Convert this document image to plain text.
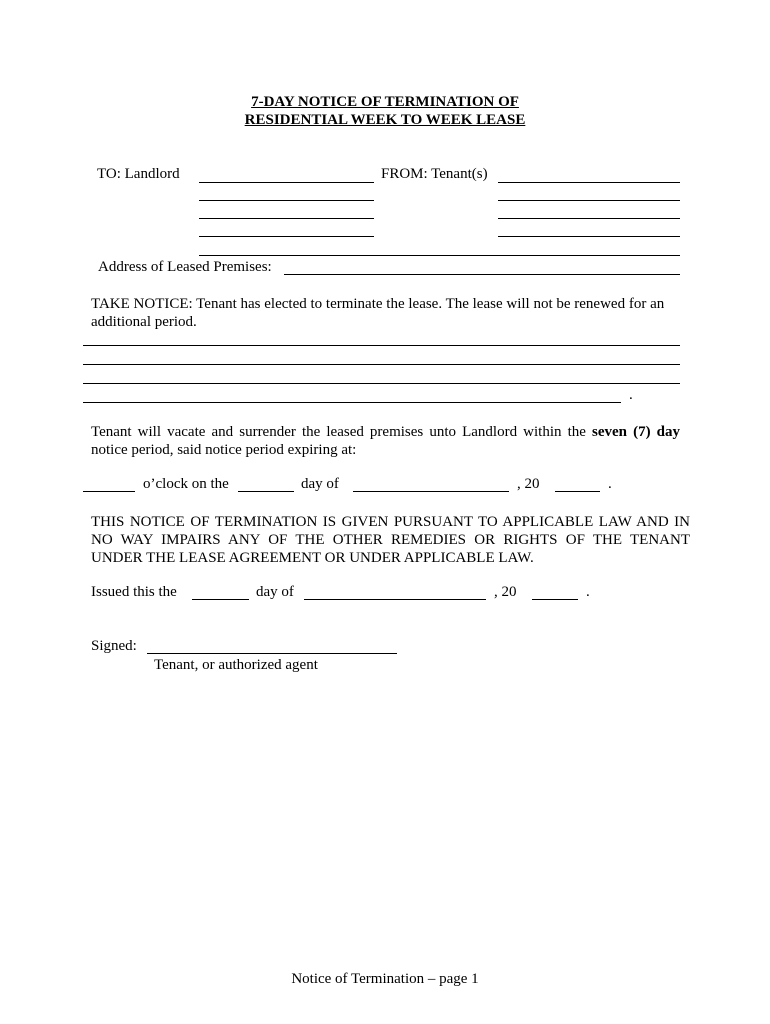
7-DAY NOTICE OF TERMINATION OF
RESIDENTIAL WEEK TO WEEK LEASE
TO: Landlord	FROM: Tenant(s)
Address of Leased Premises:
TAKE NOTICE: Tenant has elected to terminate the lease. The lease will not be renewed for an additional period.
.
Tenant will vacate and surrender the leased premises unto Landlord within the seven (7) day notice period, said notice period expiring at:
o’clock on the	day of	, 20	.
THIS NOTICE OF TERMINATION IS GIVEN PURSUANT TO APPLICABLE LAW AND IN NO WAY IMPAIRS ANY OF THE OTHER REMEDIES OR RIGHTS OF THE TENANT UNDER THE LEASE AGREEMENT OR UNDER APPLICABLE LAW.
Issued this the	day of	, 20	.
Signed:
Tenant, or authorized agent
Notice of Termination – page 1
